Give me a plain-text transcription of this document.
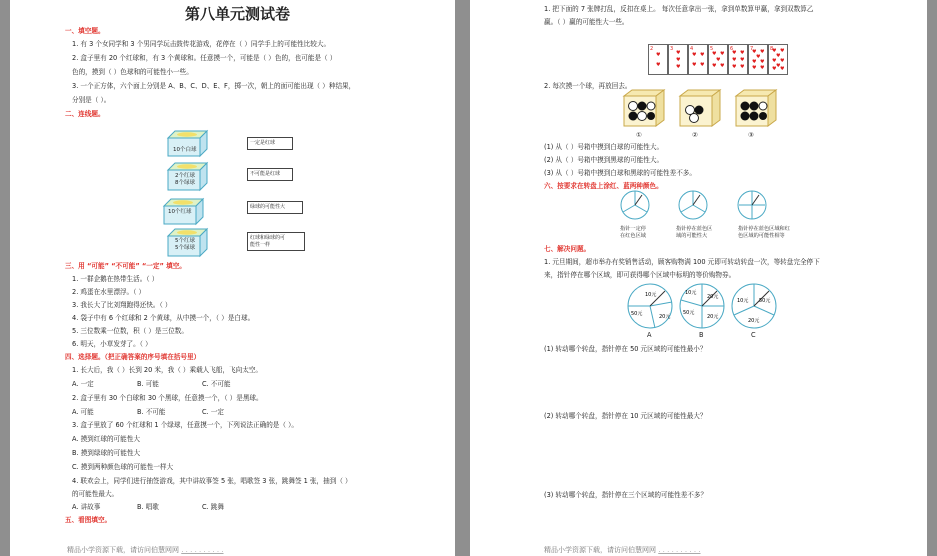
第八单元测试卷
一、填空题。
1. 有 3 个女同学和 3 个男同学玩击鼓传花游戏，花停在（ ）同学手上的可能性比较大。
2. 盒子里有 20 个红球和，有 3 个黄球和。任意摸一个，可能是（ ）色的，也可能是（ ）
色的，摸到（ ）色球和的可能性小一些。
3. 一个正方体，六个面上分别是 A、B、C、D、E、F，掷一次，朝上的面可能出现（ ）种结果，
分别是（ ）。
二、连线题。
10个白球
2个红球
8个绿球
10个红球
5个红球
5个绿球
一定是红球
不可能是红球
绿球的可能性大
红球和绿球的可
能性一样
三、用 “可能” “不可能” “一定” 填空。
1. 一群企鹅在热带生活。（ ）
2. 鸡蛋在水里漂浮。（ ）
3. 我长大了比刘翔跑得还快。（ ）
4. 袋子中有 6 个红球和 2 个黄球，从中摸一个，（ ）是白球。
5. 三位数乘一位数，积（ ）是三位数。
6. 明天，小草发芽了。（ ）
四、选择题。（把正确答案的序号填在括号里）
1. 长大后，我（ ）长到 20 米，我（ ）乘载人飞船，飞向太空。
A. 一定	B. 可能	C. 不可能
2. 盒子里有 30 个白球和 30 个黑球，任意摸一个，（ ）是黑球。
A. 可能	B. 不可能	C. 一定
3. 盒子里放了 60 个红球和 1 个绿球，任意摸一个，下列说法正确的是（ ）。
A. 摸到红球的可能性大
B. 摸到绿球的可能性大
C. 摸到两种颜色球的可能性一样大
4. 联欢会上，同学们进行抽签游戏，其中讲故事签 5 张，唱歌签 3 张，跳舞签 1 张，抽到（ ）
的可能性最大。
A. 讲故事	B. 唱歌	C. 跳舞
五、看图填空。
精品小学资源下载，请访问伯慧网网 . . . . . . . . . .
1. 把下面的 7 张牌打乱，反扣在桌上。 每次任意拿出一张，拿到单数算甲赢，拿到双数算乙
赢。（ ）赢的可能性大一些。
2
♥
♥
3
♥
♥
♥
4
♥ ♥
♥ ♥
5
♥ ♥
♥
♥ ♥
6
♥ ♥
♥ ♥
♥ ♥
7
♥ ♥
♥
♥ ♥
♥ ♥
8
♥ ♥
♥
♥ ♥
♥
♥ ♥
2. 每次摸一个球，再放回去。
①	②	③
(1) 从（ ）号箱中摸到白球的可能性大。
(2) 从（ ）号箱中摸到黑球的可能性大。
(3) 从（ ）号箱中摸到白球和黑球的可能性差不多。
六、按要求在转盘上涂红、蓝两种颜色。
指针一定停
在红色区域
指针停在蓝色区
域的可能性大
指针停在蓝色区域和红
色区域的可能性相等
七、解决问题。
1. 元旦期间，超市举办有奖销售活动，顾客购物满 100 元即可转动转盘一次，等转盘完全停下
来，指针停在哪个区域，即可获得哪个区域中标明的等价购物券。
10元
50元	20元
10元
20元
50元
20元
10元 50元
20元
A	B	C
(1) 转动哪个转盘，指针停在 50 元区域的可能性最小？
(2) 转动哪个转盘，指针停在 10 元区域的可能性最大？
(3) 转动哪个转盘，指针停在三个区域的可能性差不多？
精品小学资源下载，请访问伯慧网网 . . . . . . . . . .
